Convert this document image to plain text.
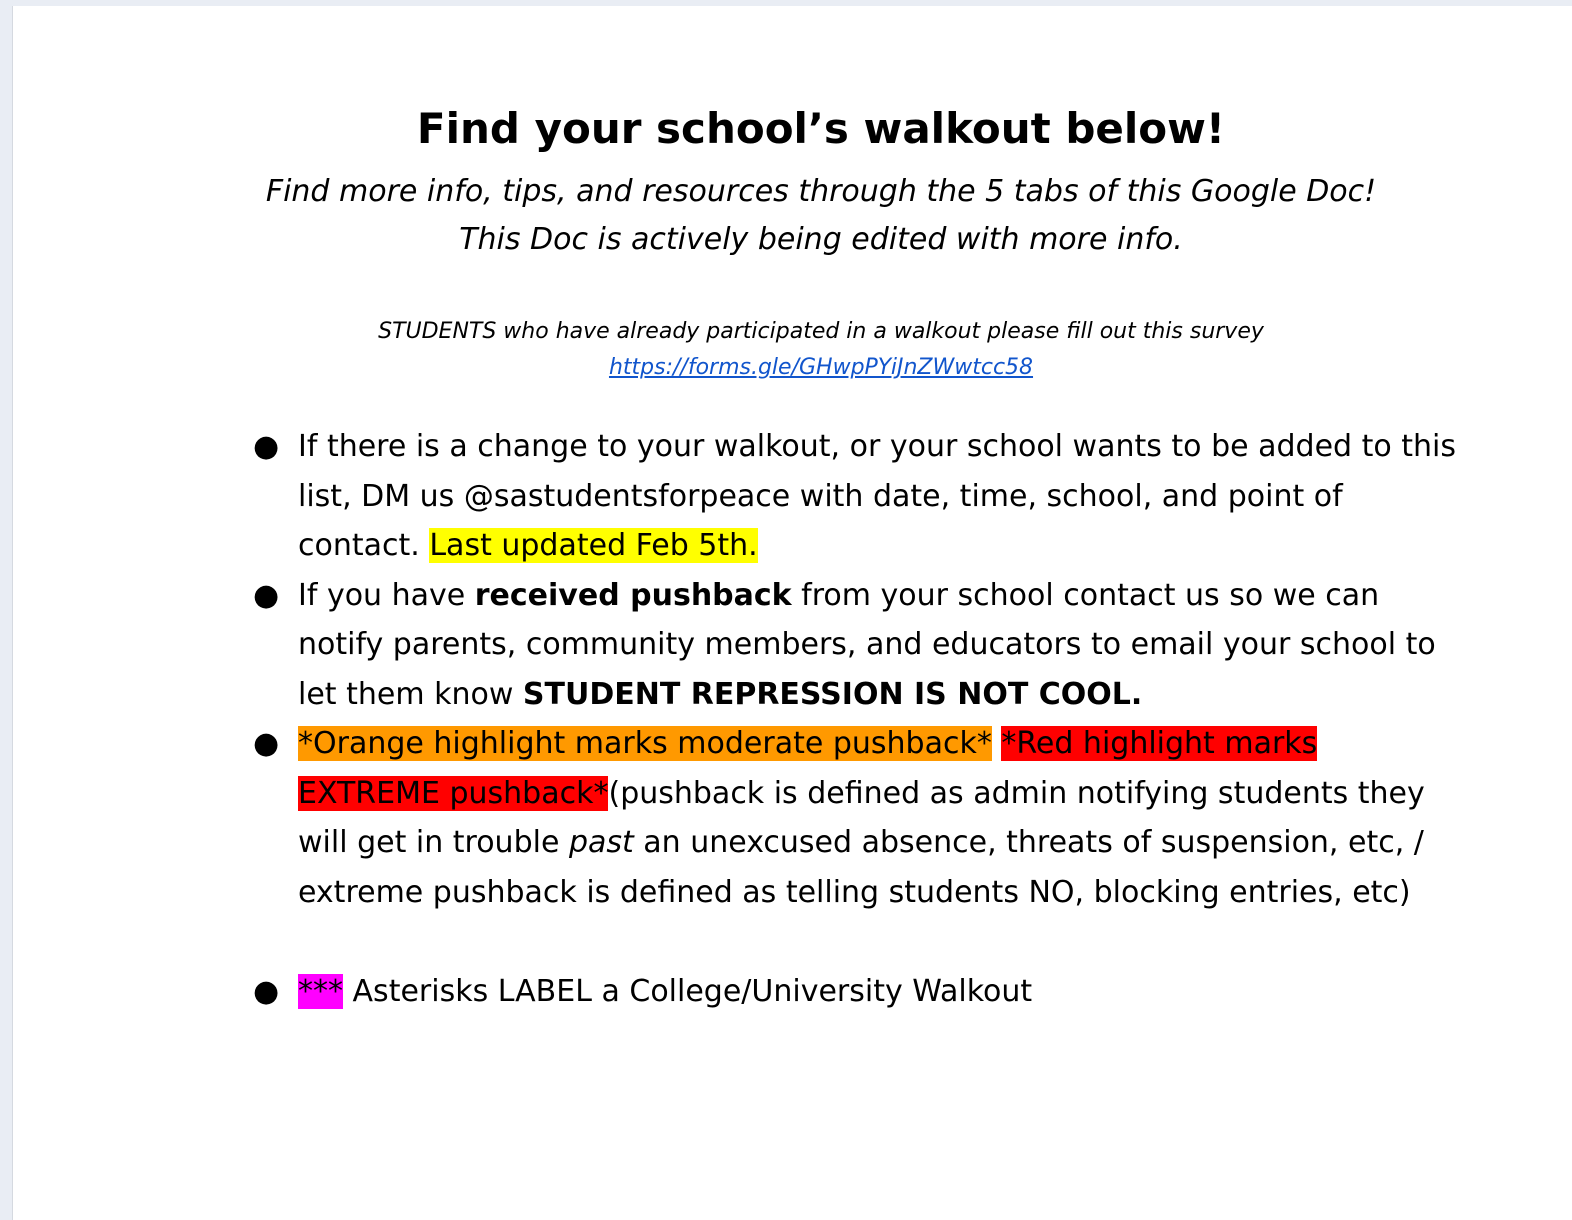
Find your school’s walkout below!
Find more info, tips, and resources through the 5 tabs of this Google Doc!
This Doc is actively being edited with more info.
STUDENTS who have already participated in a walkout please fill out this survey
https://forms.gle/GHwpPYiJnZWwtcc58
● If there is a change to your walkout, or your school wants to be added to this list, DM us @sastudentsforpeace with date, time, school, and point of contact. Last updated Feb 5th.
● If you have received pushback from your school contact us so we can notify parents, community members, and educators to email your school to let them know STUDENT REPRESSION IS NOT COOL.
● *Orange highlight marks moderate pushback* *Red highlight marks EXTREME pushback*(pushback is defined as admin notifying students they will get in trouble past an unexcused absence, threats of suspension, etc, / extreme pushback is defined as telling students NO, blocking entries, etc)
● *** Asterisks LABEL a College/University Walkout
